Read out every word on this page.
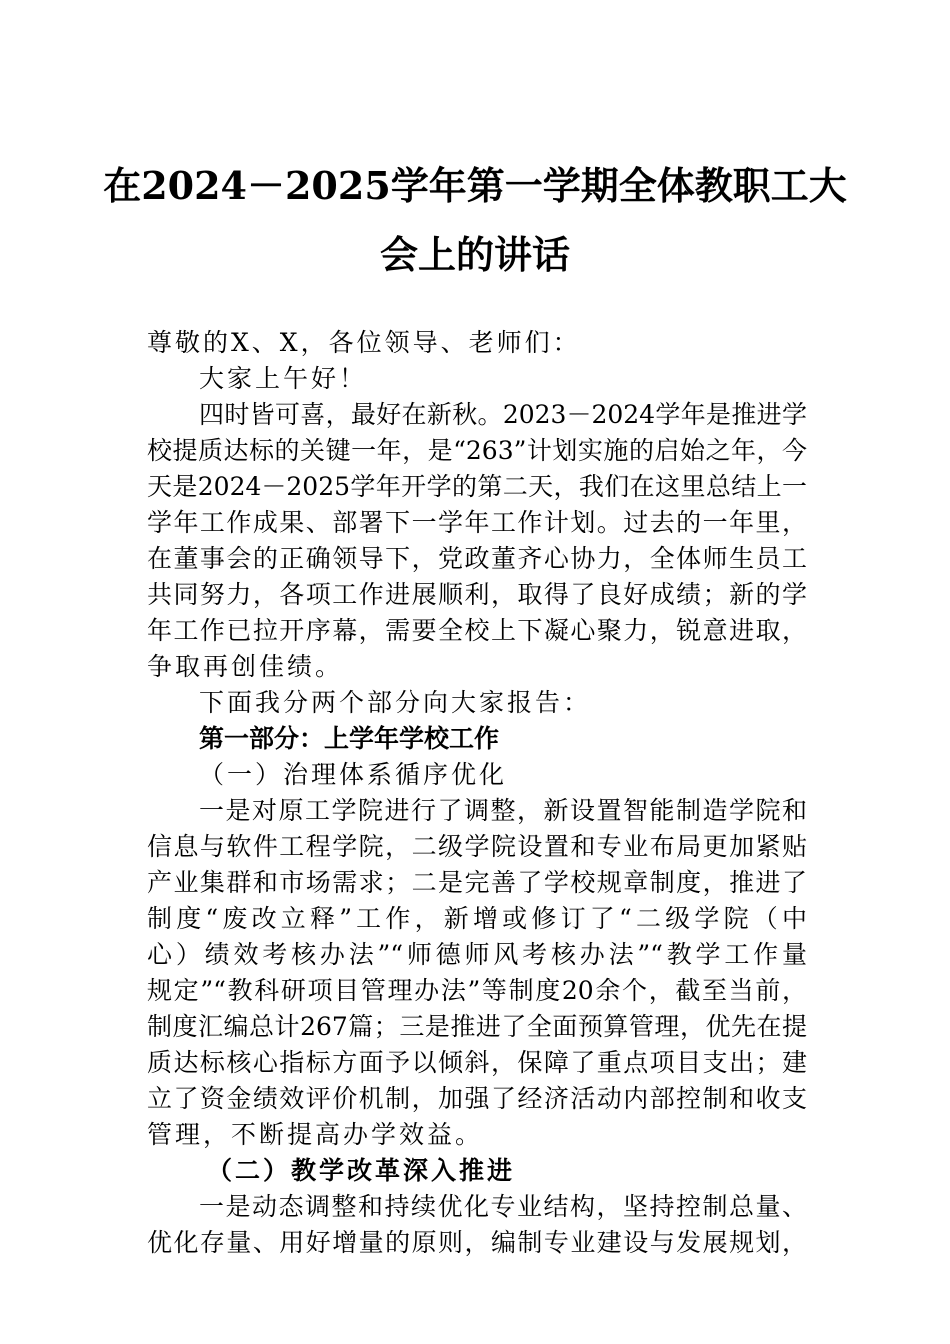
在2024－2025学年第一学期全体教职工大
会上的讲话
尊敬的X、X，各位领导、老师们：
大家上午好！
四时皆可喜，最好在新秋。2023－2024学年是推进学
校提质达标的关键一年，是“263”计划实施的启始之年，今
天是2024－2025学年开学的第二天，我们在这里总结上一
学年工作成果、部署下一学年工作计划。过去的一年里，
在董事会的正确领导下，党政董齐心协力，全体师生员工
共同努力，各项工作进展顺利，取得了良好成绩；新的学
年工作已拉开序幕，需要全校上下凝心聚力，锐意进取，
争取再创佳绩。
下面我分两个部分向大家报告：
第一部分：上学年学校工作
（一）治理体系循序优化
一是对原工学院进行了调整，新设置智能制造学院和
信息与软件工程学院，二级学院设置和专业布局更加紧贴
产业集群和市场需求；二是完善了学校规章制度，推进了
制度“废改立释”工作，新增或修订了“二级学院（中
心）绩效考核办法”“师德师风考核办法”“教学工作量
规定”“教科研项目管理办法”等制度20余个，截至当前，
制度汇编总计267篇；三是推进了全面预算管理，优先在提
质达标核心指标方面予以倾斜，保障了重点项目支出；建
立了资金绩效评价机制，加强了经济活动内部控制和收支
管理，不断提高办学效益。
（二）教学改革深入推进
一是动态调整和持续优化专业结构，坚持控制总量、
优化存量、用好增量的原则，编制专业建设与发展规划，
